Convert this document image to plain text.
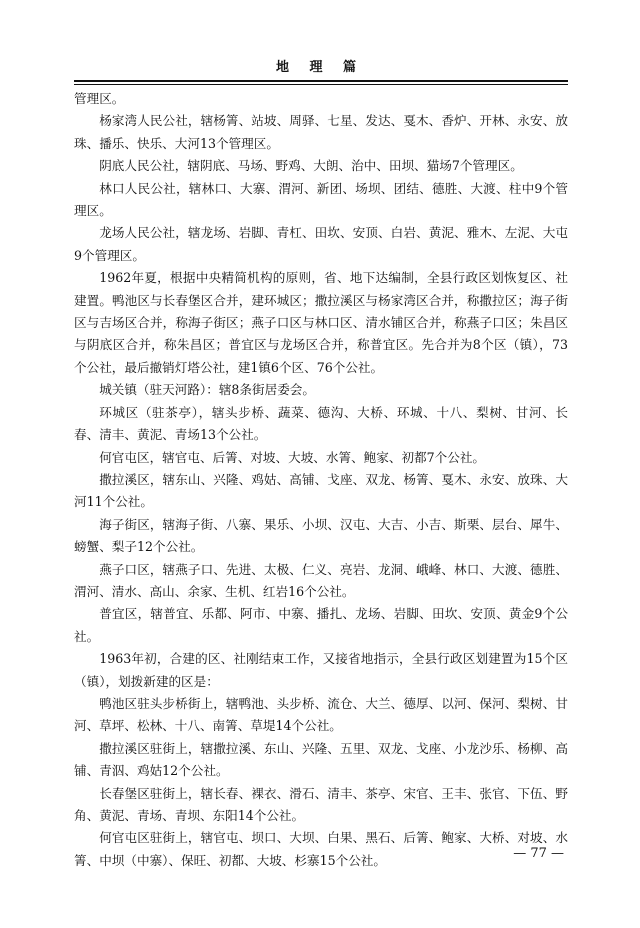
地 理 篇

管理区。

杨家湾人民公社，辖杨箐、站坡、周驿、七星、发达、戛木、香炉、开林、永安、放珠、播乐、快乐、大河13个管理区。

阴底人民公社，辖阴底、马场、野鸡、大朗、治中、田坝、猫场7个管理区。

林口人民公社，辖林口、大寨、渭河、新团、场坝、团结、德胜、大渡、柱中9个管理区。

龙场人民公社，辖龙场、岩脚、青杠、田坎、安顶、白岩、黄泥、雅木、左泥、大屯9个管理区。

1962年夏，根据中央精简机构的原则，省、地下达编制，全县行政区划恢复区、社建置。鸭池区与长春堡区合并，建环城区；撒拉溪区与杨家湾区合并，称撒拉区；海子街区与吉场区合并，称海子街区；燕子口区与林口区、清水铺区合并，称燕子口区；朱昌区与阴底区合并，称朱昌区；普宜区与龙场区合并，称普宜区。先合并为8个区（镇），73个公社，最后撤销灯塔公社，建1镇6个区、76个公社。

城关镇（驻天河路）：辖8条街居委会。

环城区（驻茶亭），辖头步桥、蔬菜、德沟、大桥、环城、十八、梨树、甘河、长春、清丰、黄泥、青场13个公社。

何官屯区，辖官屯、后箐、对坡、大坡、水箐、鲍家、初都7个公社。

撒拉溪区，辖东山、兴隆、鸡姑、高铺、戈座、双龙、杨箐、戛木、永安、放珠、大河11个公社。

海子街区，辖海子街、八寨、果乐、小坝、汉屯、大吉、小吉、斯栗、层台、犀牛、螃蟹、梨子12个公社。

燕子口区，辖燕子口、先进、太极、仁义、亮岩、龙洞、峨峰、林口、大渡、德胜、渭河、清水、高山、余家、生机、红岩16个公社。

普宜区，辖普宜、乐都、阿市、中寨、播扎、龙场、岩脚、田坎、安顶、黄金9个公社。

1963年初，合建的区、社刚结束工作，又接省地指示，全县行政区划建置为15个区（镇），划拨新建的区是：

鸭池区驻头步桥街上，辖鸭池、头步桥、流仓、大兰、德厚、以河、保河、梨树、甘河、草坪、松林、十八、南箐、草堤14个公社。

撒拉溪区驻街上，辖撒拉溪、东山、兴隆、五里、双龙、戈座、小龙沙乐、杨柳、高铺、青泅、鸡姑12个公社。

长春堡区驻街上，辖长春、裸衣、滑石、清丰、茶亭、宋官、王丰、张官、下伍、野角、黄泥、青场、青坝、东阳14个公社。

何官屯区驻街上，辖官屯、坝口、大坝、白果、黑石、后箐、鲍家、大桥、对坡、水箐、中坝（中寨）、保旺、初都、大坡、杉寨15个公社。	— 77 —
